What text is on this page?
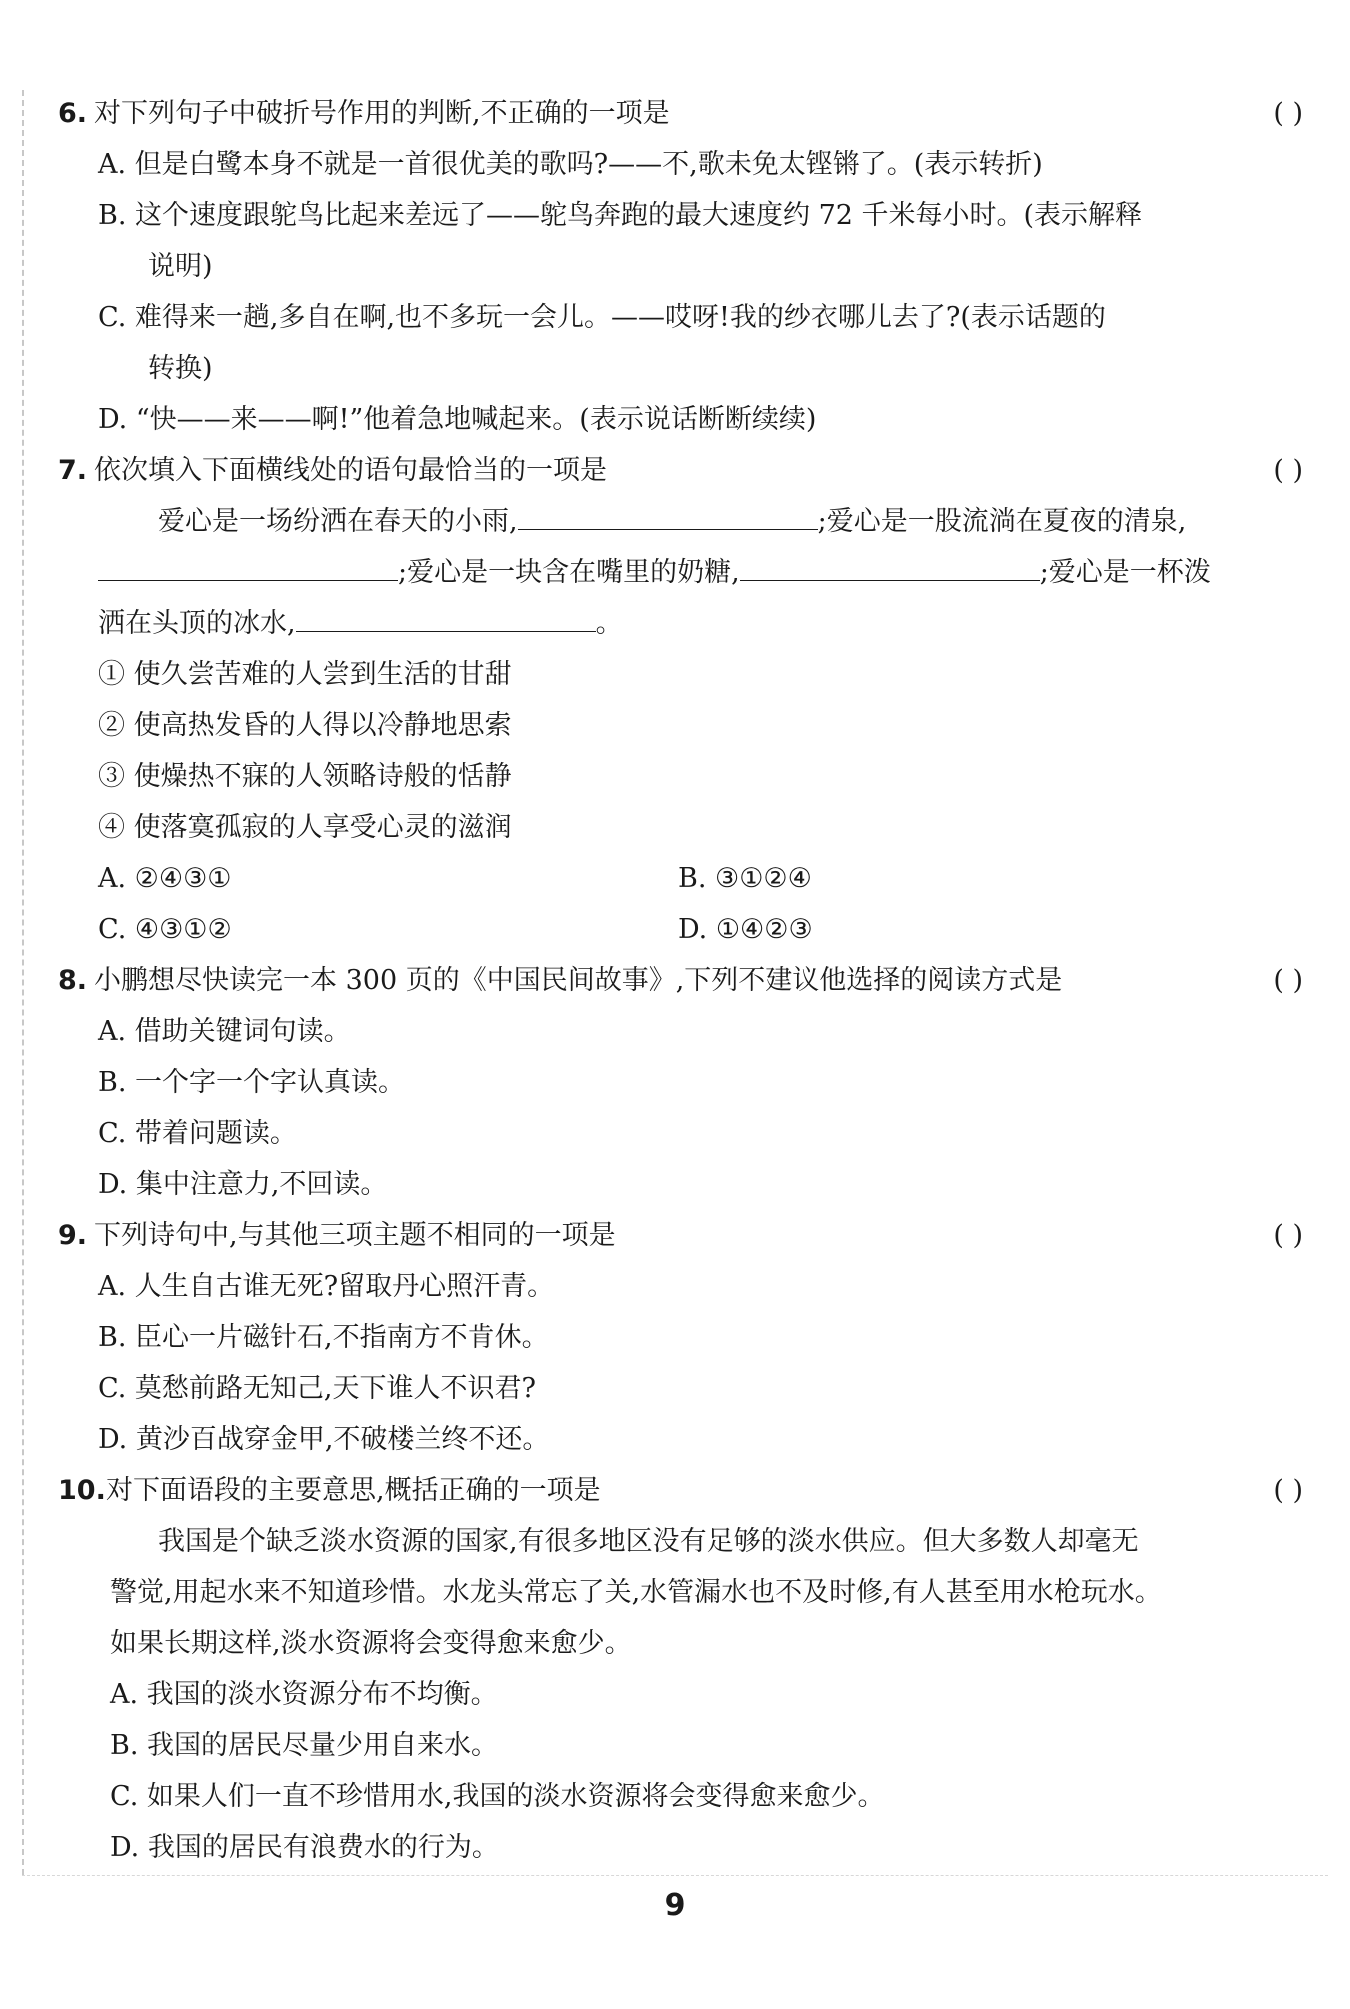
6. 对下列句子中破折号作用的判断,不正确的一项是	( )
A. 但是白鹭本身不就是一首很优美的歌吗?——不,歌未免太铿锵了。(表示转折)
B. 这个速度跟鸵鸟比起来差远了——鸵鸟奔跑的最大速度约 72 千米每小时。(表示解释
说明)
C. 难得来一趟,多自在啊,也不多玩一会儿。——哎呀!我的纱衣哪儿去了?(表示话题的
转换)
D. “快——来——啊!”他着急地喊起来。(表示说话断断续续)
7. 依次填入下面横线处的语句最恰当的一项是	( )
爱心是一场纷洒在春天的小雨,	;爱心是一股流淌在夏夜的清泉,
;爱心是一块含在嘴里的奶糖,	;爱心是一杯泼
洒在头顶的冰水,	。
① 使久尝苦难的人尝到生活的甘甜
② 使高热发昏的人得以冷静地思索
③ 使燥热不寐的人领略诗般的恬静
④ 使落寞孤寂的人享受心灵的滋润
A. ②④③①	B. ③①②④
C. ④③①②	D. ①④②③
8. 小鹏想尽快读完一本 300 页的《中国民间故事》,下列不建议他选择的阅读方式是	( )
A. 借助关键词句读。
B. 一个字一个字认真读。
C. 带着问题读。
D. 集中注意力,不回读。
9. 下列诗句中,与其他三项主题不相同的一项是	( )
A. 人生自古谁无死?留取丹心照汗青。
B. 臣心一片磁针石,不指南方不肯休。
C. 莫愁前路无知己,天下谁人不识君?
D. 黄沙百战穿金甲,不破楼兰终不还。
10.对下面语段的主要意思,概括正确的一项是	( )
我国是个缺乏淡水资源的国家,有很多地区没有足够的淡水供应。但大多数人却毫无
警觉,用起水来不知道珍惜。水龙头常忘了关,水管漏水也不及时修,有人甚至用水枪玩水。
如果长期这样,淡水资源将会变得愈来愈少。
A. 我国的淡水资源分布不均衡。
B. 我国的居民尽量少用自来水。
C. 如果人们一直不珍惜用水,我国的淡水资源将会变得愈来愈少。
D. 我国的居民有浪费水的行为。
9
